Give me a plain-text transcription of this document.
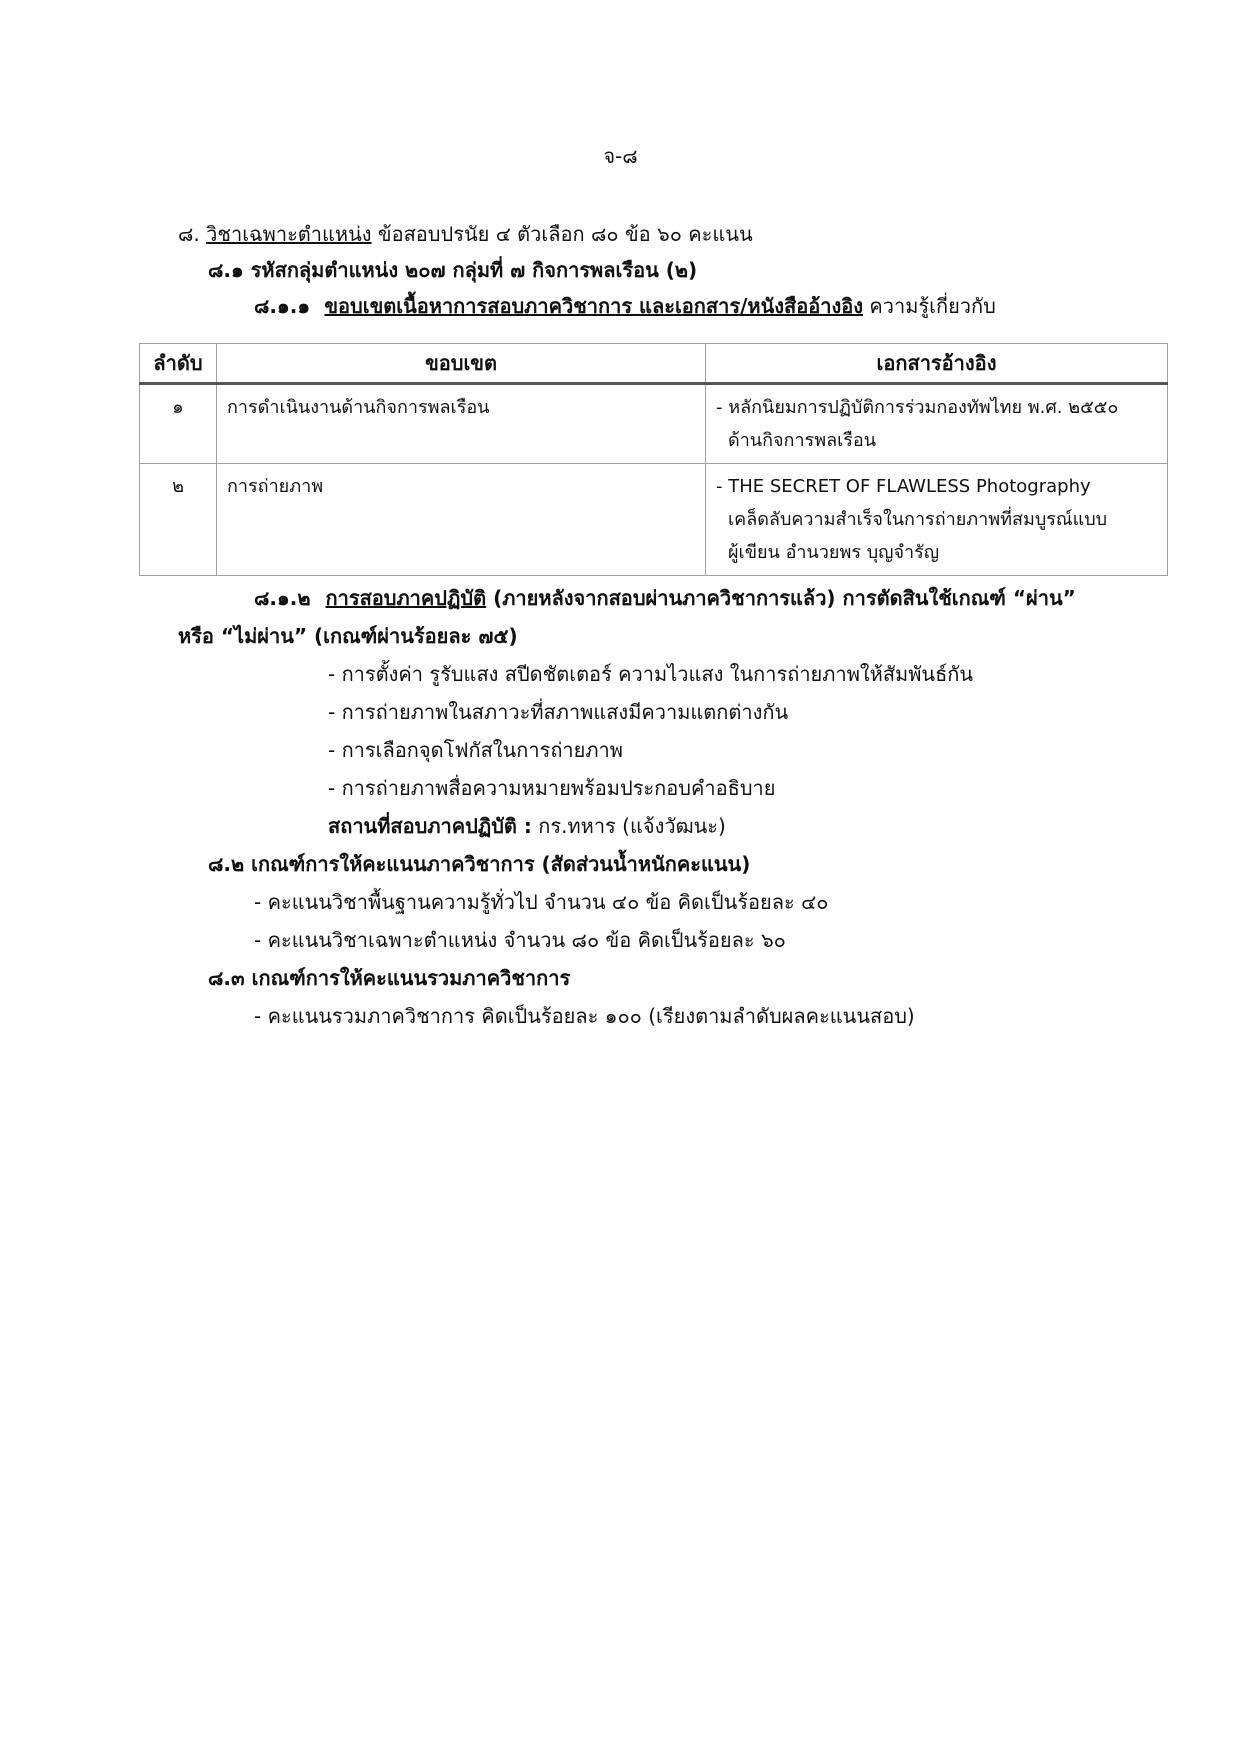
จ-๘
๘. วิชาเฉพาะตำแหน่ง ข้อสอบปรนัย ๔ ตัวเลือก ๘๐ ข้อ ๖๐ คะแนน
๘.๑ รหัสกลุ่มตำแหน่ง ๒๐๗ กลุ่มที่ ๗ กิจการพลเรือน (๒)
๘.๑.๑ ขอบเขตเนื้อหาการสอบภาควิชาการ และเอกสาร/หนังสืออ้างอิง ความรู้เกี่ยวกับ
ลำดับ	ขอบเขต	เอกสารอ้างอิง
๑	การดำเนินงานด้านกิจการพลเรือน	- หลักนิยมการปฏิบัติการร่วมกองทัพไทย พ.ศ. ๒๕๕๐
ด้านกิจการพลเรือน

๒	การถ่ายภาพ	- THE SECRET OF FLAWLESS Photography
เคล็ดลับความสำเร็จในการถ่ายภาพที่สมบูรณ์แบบ
ผู้เขียน อำนวยพร บุญจำรัญ
๘.๑.๒ การสอบภาคปฏิบัติ (ภายหลังจากสอบผ่านภาควิชาการแล้ว) การตัดสินใช้เกณฑ์ “ผ่าน”
หรือ “ไม่ผ่าน” (เกณฑ์ผ่านร้อยละ ๗๕)
- การตั้งค่า รูรับแสง สปีดชัตเตอร์ ความไวแสง ในการถ่ายภาพให้สัมพันธ์กัน
- การถ่ายภาพในสภาวะที่สภาพแสงมีความแตกต่างกัน
- การเลือกจุดโฟกัสในการถ่ายภาพ
- การถ่ายภาพสื่อความหมายพร้อมประกอบคำอธิบาย
สถานที่สอบภาคปฏิบัติ : กร.ทหาร (แจ้งวัฒนะ)
๘.๒ เกณฑ์การให้คะแนนภาควิชาการ (สัดส่วนน้ำหนักคะแนน)
- คะแนนวิชาพื้นฐานความรู้ทั่วไป จำนวน ๔๐ ข้อ คิดเป็นร้อยละ ๔๐
- คะแนนวิชาเฉพาะตำแหน่ง จำนวน ๘๐ ข้อ คิดเป็นร้อยละ ๖๐
๘.๓ เกณฑ์การให้คะแนนรวมภาควิชาการ
- คะแนนรวมภาควิชาการ คิดเป็นร้อยละ ๑๐๐ (เรียงตามลำดับผลคะแนนสอบ)
